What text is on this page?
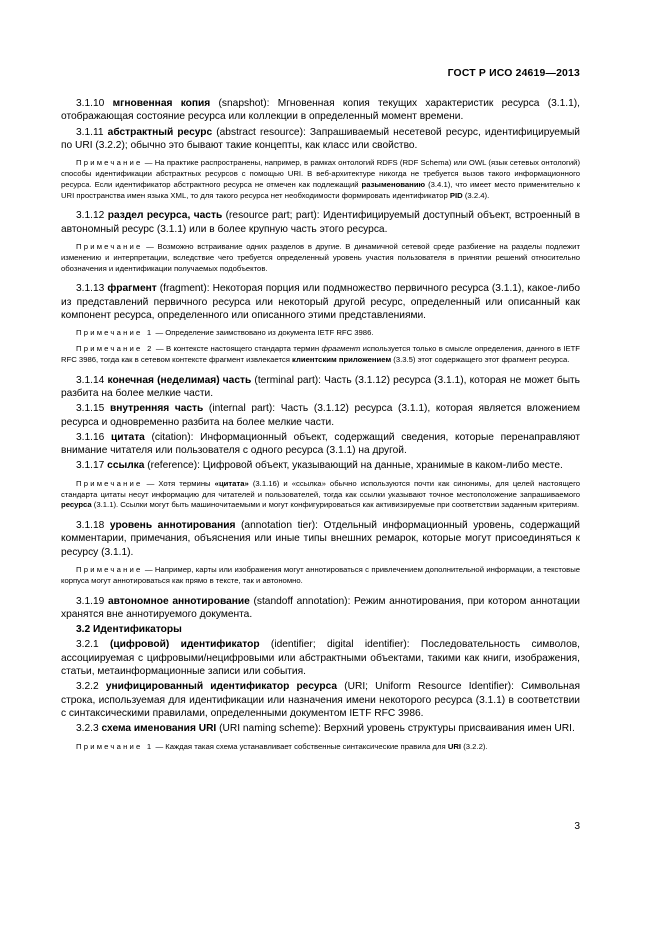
ГОСТ Р ИСО 24619—2013

3.1.10 мгновенная копия (snapshot): Мгновенная копия текущих характеристик ресурса (3.1.1), отображающая состояние ресурса или коллекции в определенный момент времени.

3.1.11 абстрактный ресурс (abstract resource): Запрашиваемый несетевой ресурс, идентифицируемый по URI (3.2.2); обычно это бывают такие концепты, как класс или свойство.

Примечание — На практике распространены, например, в рамках онтологий RDFS (RDF Schema) или OWL (язык сетевых онтологий) способы идентификации абстрактных ресурсов с помощью URI. В веб-архитектуре никогда не требуется вызов такого информационного ресурса. Если идентификатор абстрактного ресурса не отмечен как подлежащий разыменованию (3.4.1), что имеет место применительно к URI пространства имен языка XML, то для такого ресурса нет необходимости формировать идентификатор PID (3.2.4).

3.1.12 раздел ресурса, часть (resource part; part): Идентифицируемый доступный объект, встроенный в автономный ресурс (3.1.1) или в более крупную часть этого ресурса.

Примечание — Возможно встраивание одних разделов в другие. В динамичной сетевой среде разбиение на разделы подлежит изменению и интерпретации, вследствие чего требуется определенный уровень участия пользователя в принятии решений относительно обозначения и идентификации получаемых подобъектов.

3.1.13 фрагмент (fragment): Некоторая порция или подмножество первичного ресурса (3.1.1), какое-либо из представлений первичного ресурса или некоторый другой ресурс, определенный или описанный как компонент ресурса, определенного или описанного этими представлениями.

Примечание 1 — Определение заимствовано из документа IETF RFC 3986.

Примечание 2 — В контексте настоящего стандарта термин фрагмент используется только в смысле определения, данного в IETF RFC 3986, тогда как в сетевом контексте фрагмент извлекается клиентским приложением (3.3.5) этот содержащего этот фрагмент ресурса.

3.1.14 конечная (неделимая) часть (terminal part): Часть (3.1.12) ресурса (3.1.1), которая не может быть разбита на более мелкие части.

3.1.15 внутренняя часть (internal part): Часть (3.1.12) ресурса (3.1.1), которая является вложением ресурса и одновременно разбита на более мелкие части.

3.1.16 цитата (citation): Информационный объект, содержащий сведения, которые перенаправляют внимание читателя или пользователя с одного ресурса (3.1.1) на другой.

3.1.17 ссылка (reference): Цифровой объект, указывающий на данные, хранимые в каком-либо месте.

Примечание — Хотя термины «цитата» (3.1.16) и «ссылка» обычно используются почти как синонимы, для целей настоящего стандарта цитаты несут информацию для читателей и пользователей, тогда как ссылки указывают точное местоположение запрашиваемого ресурса (3.1.1). Ссылки могут быть машиночитаемыми и могут конфигурироваться как активизируемые при соответствии заданным критериям.

3.1.18 уровень аннотирования (annotation tier): Отдельный информационный уровень, содержащий комментарии, примечания, объяснения или иные типы внешних ремарок, которые могут присоединяться к ресурсу (3.1.1).

Примечание — Например, карты или изображения могут аннотироваться с привлечением дополнительной информации, а текстовые корпуса могут аннотироваться как прямо в тексте, так и автономно.

3.1.19 автономное аннотирование (standoff annotation): Режим аннотирования, при котором аннотации хранятся вне аннотируемого документа.

3.2 Идентификаторы

3.2.1 (цифровой) идентификатор (identifier; digital identifier): Последовательность символов, ассоциируемая с цифровыми/нецифровыми или абстрактными объектами, такими как книги, изображения, статьи, метаинформационные записи или события.

3.2.2 унифицированный идентификатор ресурса (URI; Uniform Resource Identifier): Символьная строка, используемая для идентификации или назначения имени некоторого ресурса (3.1.1) в соответствии с синтаксическими правилами, определенными документом IETF RFC 3986.

3.2.3 схема именования URI (URI naming scheme): Верхний уровень структуры присваивания имен URI.

Примечание 1 — Каждая такая схема устанавливает собственные синтаксические правила для URI (3.2.2).

3
